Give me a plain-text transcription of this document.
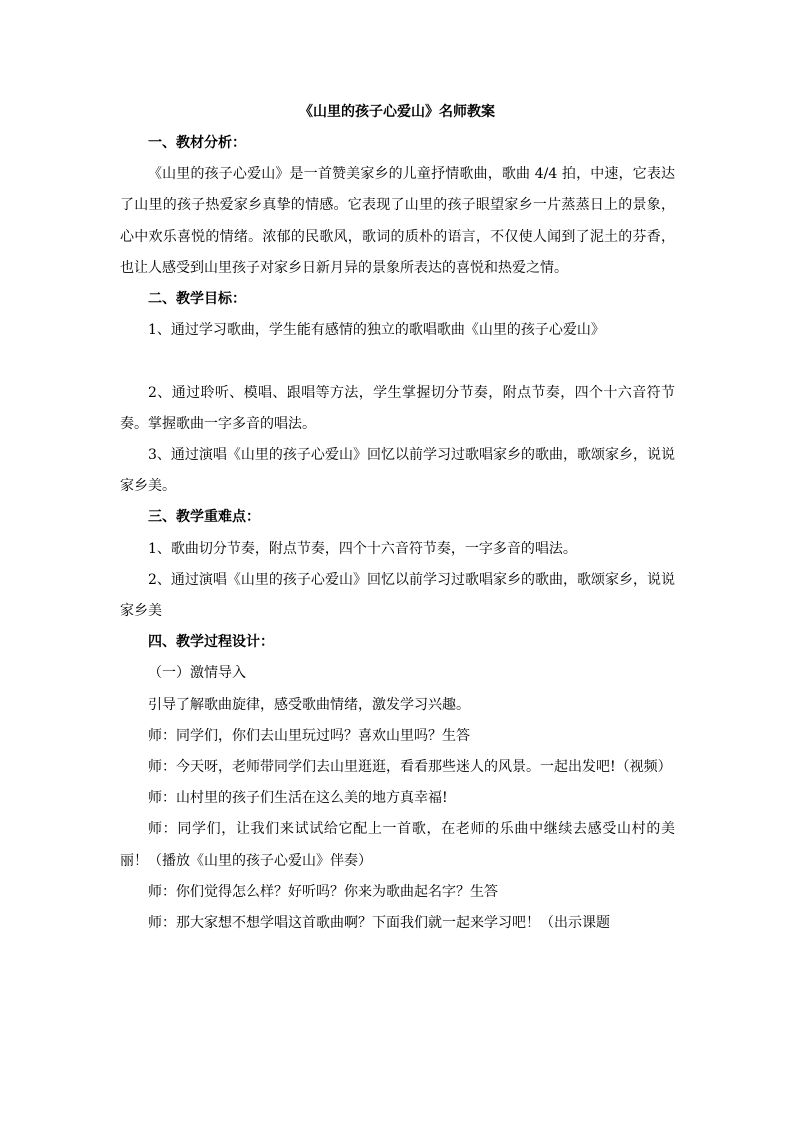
《山里的孩子心爱山》名师教案

一、教材分析：

《山里的孩子心爱山》是一首赞美家乡的儿童抒情歌曲，歌曲 4/4 拍，中速，它表达了山里的孩子热爱家乡真挚的情感。它表现了山里的孩子眼望家乡一片蒸蒸日上的景象，心中欢乐喜悦的情绪。浓郁的民歌风，歌词的质朴的语言，不仅使人闻到了泥土的芬香，也让人感受到山里孩子对家乡日新月异的景象所表达的喜悦和热爱之情。

二、教学目标：

1、通过学习歌曲，学生能有感情的独立的歌唱歌曲《山里的孩子心爱山》

2、通过聆听、模唱、跟唱等方法，学生掌握切分节奏，附点节奏，四个十六音符节奏。掌握歌曲一字多音的唱法。

3、通过演唱《山里的孩子心爱山》回忆以前学习过歌唱家乡的歌曲，歌颂家乡，说说家乡美。

三、教学重难点：

1、歌曲切分节奏，附点节奏，四个十六音符节奏，一字多音的唱法。

2、通过演唱《山里的孩子心爱山》回忆以前学习过歌唱家乡的歌曲，歌颂家乡，说说家乡美

四、教学过程设计：

（一）激情导入

引导了解歌曲旋律，感受歌曲情绪，激发学习兴趣。

师：同学们，你们去山里玩过吗？喜欢山里吗？生答

师：今天呀，老师带同学们去山里逛逛，看看那些迷人的风景。一起出发吧!（视频）

师：山村里的孩子们生活在这么美的地方真幸福!

师：同学们，让我们来试试给它配上一首歌，在老师的乐曲中继续去感受山村的美丽！（播放《山里的孩子心爱山》伴奏）

师：你们觉得怎么样？好听吗？你来为歌曲起名字？生答

师：那大家想不想学唱这首歌曲啊？下面我们就一起来学习吧！（出示课题
